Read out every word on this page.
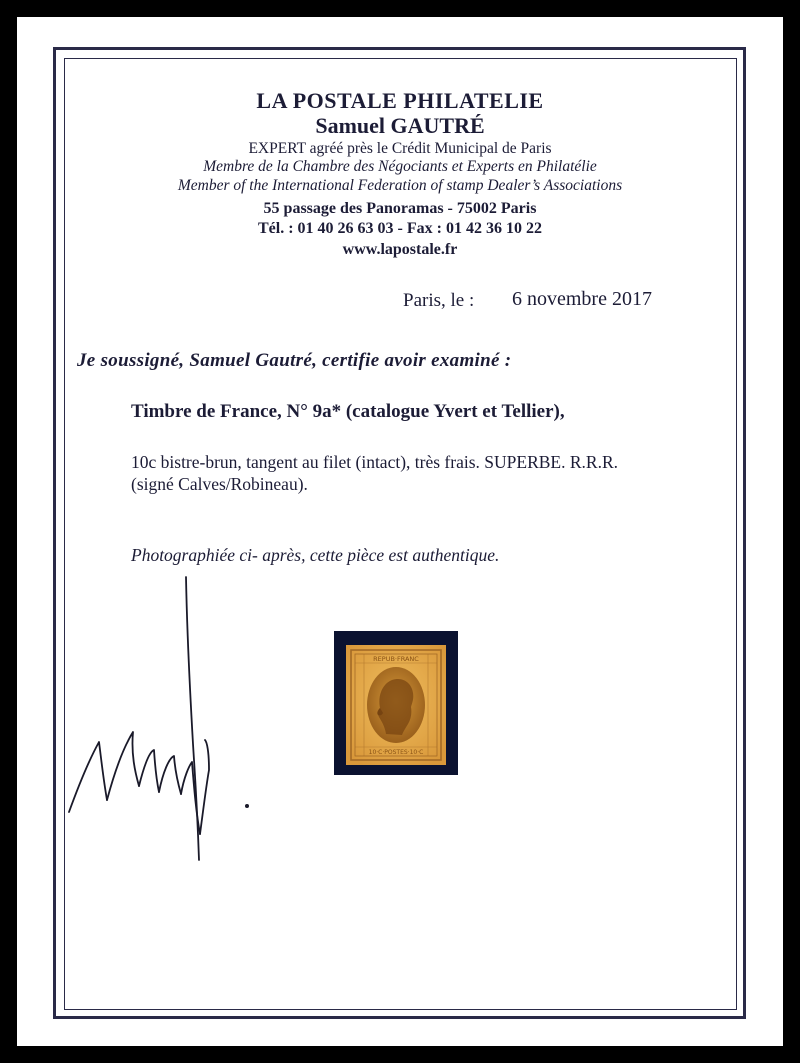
LA POSTALE PHILATELIE
Samuel GAUTRÉ
EXPERT agréé près le Crédit Municipal de Paris
Membre de la Chambre des Négociants et Experts en Philatélie
Member of the International Federation of stamp Dealer’s Associations
55 passage des Panoramas - 75002 Paris
Tél. : 01 40 26 63 03 - Fax : 01 42 36 10 22
www.lapostale.fr
Paris, le : 6 novembre 2017
Je soussigné, Samuel Gautré, certifie avoir examiné :
Timbre de France, N° 9a* (catalogue Yvert et Tellier),
10c bistre-brun, tangent au filet (intact), très frais. SUPERBE. R.R.R.
(signé Calves/Robineau).
Photographiée ci- après, cette pièce est authentique.
REPUB·FRANC
10·C·POSTES·10·C
